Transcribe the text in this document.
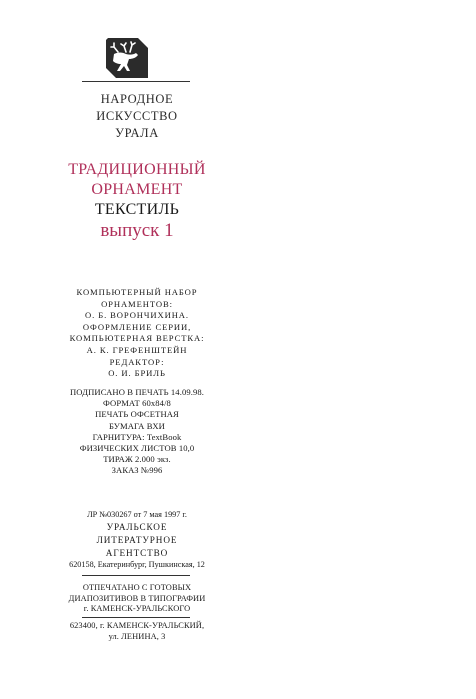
НАРОДНОЕ
ИСКУССТВО
УРАЛА
ТРАДИЦИОННЫЙ
ОРНАМЕНТ
ТЕКСТИЛЬ
выпуск 1
КОМПЬЮТЕРНЫЙ НАБОР
ОРНАМЕНТОВ:
О. Б. ВОРОНЧИХИНА.
ОФОРМЛЕНИЕ СЕРИИ,
КОМПЬЮТЕРНАЯ ВЕРСТКА:
А. К. ГРЕФЕНШТЕЙН
РЕДАКТОР:
О. И. БРИЛЬ
ПОДПИСАНО В ПЕЧАТЬ 14.09.98.
ФОРМАТ 60х84/8
ПЕЧАТЬ ОФСЕТНАЯ
БУМАГА ВХИ
ГАРНИТУРА: TextBook
ФИЗИЧЕСКИХ ЛИСТОВ 10,0
ТИРАЖ 2.000 экз.
ЗАКАЗ №996
ЛР №030267 от 7 мая 1997 г.
УРАЛЬСКОЕ
ЛИТЕРАТУРНОЕ
АГЕНТСТВО
620158, Екатеринбург, Пушкинская, 12
ОТПЕЧАТАНО С ГОТОВЫХ
ДИАПОЗИТИВОВ В ТИПОГРАФИИ
г. КАМЕНСК-УРАЛЬСКОГО
623400, г. КАМЕНСК-УРАЛЬСКИЙ,
ул. ЛЕНИНА, 3
